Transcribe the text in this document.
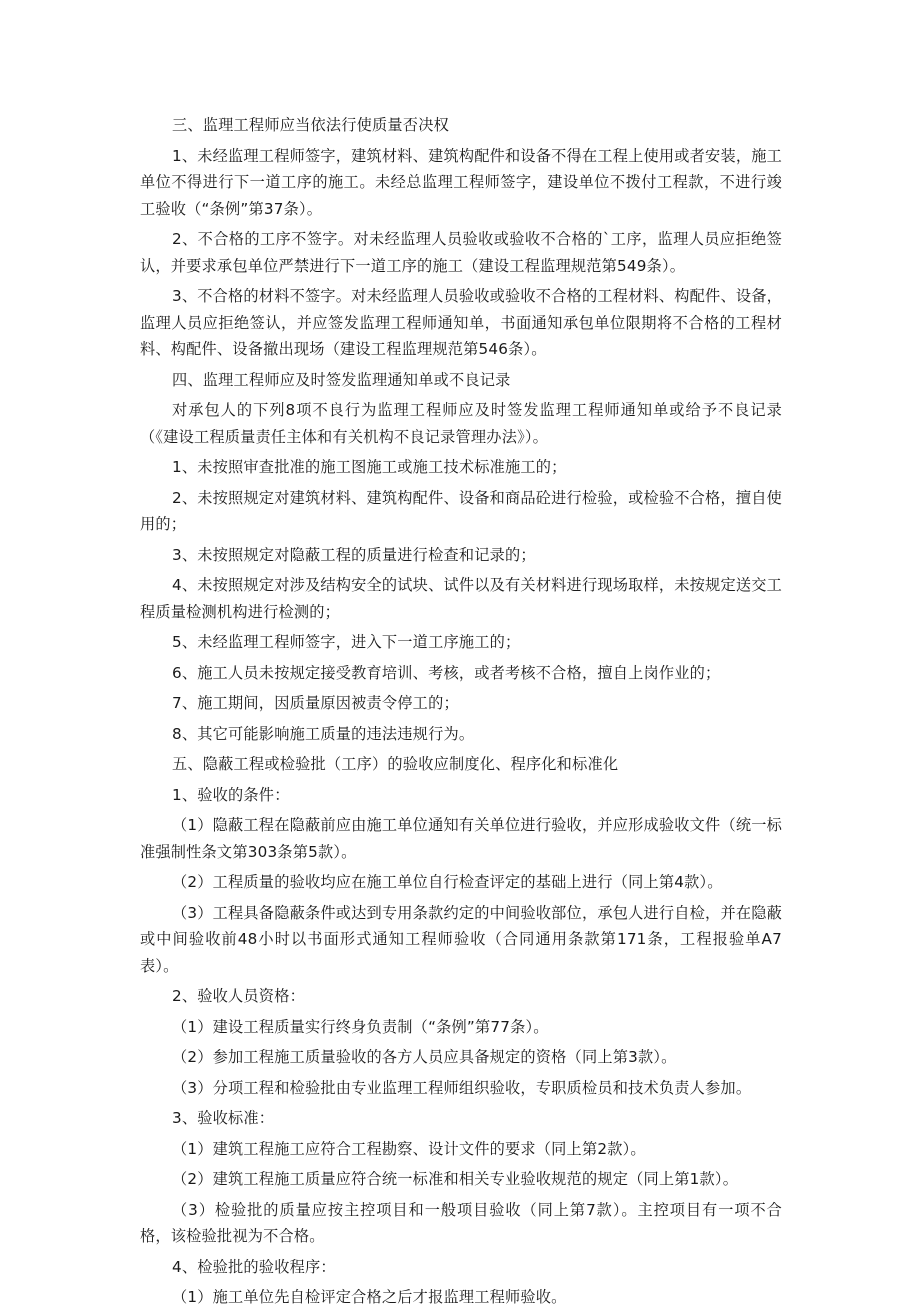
三、监理工程师应当依法行使质量否决权

1、未经监理工程师签字，建筑材料、建筑构配件和设备不得在工程上使用或者安装，施工单位不得进行下一道工序的施工。未经总监理工程师签字，建设单位不拨付工程款，不进行竣工验收（“条例”第37条）。

2、不合格的工序不签字。对未经监理人员验收或验收不合格的`工序，监理人员应拒绝签认，并要求承包单位严禁进行下一道工序的施工（建设工程监理规范第549条）。

3、不合格的材料不签字。对未经监理人员验收或验收不合格的工程材料、构配件、设备，监理人员应拒绝签认，并应签发监理工程师通知单，书面通知承包单位限期将不合格的工程材料、构配件、设备撤出现场（建设工程监理规范第546条）。

四、监理工程师应及时签发监理通知单或不良记录

对承包人的下列8项不良行为监理工程师应及时签发监理工程师通知单或给予不良记录（《建设工程质量责任主体和有关机构不良记录管理办法》）。

1、未按照审查批准的施工图施工或施工技术标准施工的；

2、未按照规定对建筑材料、建筑构配件、设备和商品砼进行检验，或检验不合格，擅自使用的；

3、未按照规定对隐蔽工程的质量进行检查和记录的；

4、未按照规定对涉及结构安全的试块、试件以及有关材料进行现场取样，未按规定送交工程质量检测机构进行检测的；

5、未经监理工程师签字，进入下一道工序施工的；

6、施工人员未按规定接受教育培训、考核，或者考核不合格，擅自上岗作业的；

7、施工期间，因质量原因被责令停工的；

8、其它可能影响施工质量的违法违规行为。

五、隐蔽工程或检验批（工序）的验收应制度化、程序化和标准化

1、验收的条件：

（1）隐蔽工程在隐蔽前应由施工单位通知有关单位进行验收，并应形成验收文件（统一标准强制性条文第303条第5款）。

（2）工程质量的验收均应在施工单位自行检查评定的基础上进行（同上第4款）。

（3）工程具备隐蔽条件或达到专用条款约定的中间验收部位，承包人进行自检，并在隐蔽或中间验收前48小时以书面形式通知工程师验收（合同通用条款第171条，工程报验单A7表）。

2、验收人员资格：

（1）建设工程质量实行终身负责制（“条例”第77条）。

（2）参加工程施工质量验收的各方人员应具备规定的资格（同上第3款）。

（3）分项工程和检验批由专业监理工程师组织验收，专职质检员和技术负责人参加。

3、验收标准：

（1）建筑工程施工应符合工程勘察、设计文件的要求（同上第2款）。

（2）建筑工程施工质量应符合统一标准和相关专业验收规范的规定（同上第1款）。

（3）检验批的质量应按主控项目和一般项目验收（同上第7款）。主控项目有一项不合格，该检验批视为不合格。

4、检验批的验收程序：

（1）施工单位先自检评定合格之后才报监理工程师验收。
